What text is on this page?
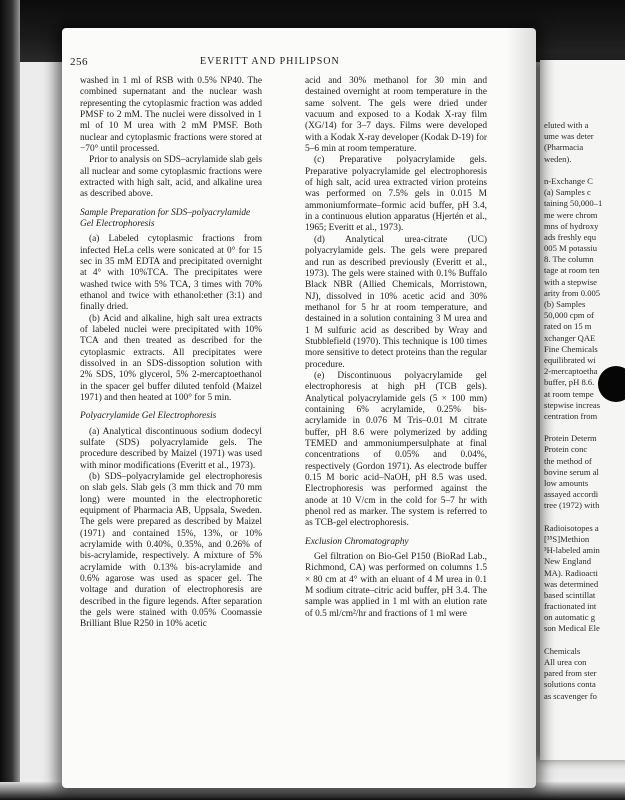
eluted with a
ume was deter
(Pharmacia
weden).
n-Exchange C
(a) Samples c
taining 50,000–1
me were chrom
mns of hydroxy
ads freshly equ
005 M potassiu
8. The column
tage at room ten
with a stepwise
arity from 0.005
(b) Samples
50,000 cpm of
rated on 15 m
xchanger QAE
Fine Chemicals
equilibrated wi
2-mercaptoetha
buffer, pH 8.6.
at room tempe
stepwise increas
centration from
Protein Determ
Protein conc
the method of
bovine serum al
low amounts
assayed accordi
tree (1972) with
Radioisotopes a
[³⁵S]Methion
³H-labeled amin
New England
MA). Radioacti
was determined
based scintillat
fractionated int
on automatic g
son Medical Ele
Chemicals
All urea con
pared from ster
solutions conta
as scavenger fo
256	EVERITT AND PHILIPSON

washed in 1 ml of RSB with 0.5% NP40. The combined supernatant and the nuclear wash representing the cytoplasmic fraction was added PMSF to 2 mM. The nuclei were dissolved in 1 ml of 10 M urea with 2 mM PMSF. Both nuclear and cytoplasmic fractions were stored at −70° until processed.

Prior to analysis on SDS–acrylamide slab gels all nuclear and some cytoplasmic fractions were extracted with high salt, acid, and alkaline urea as described above.

Sample Preparation for SDS–polyacrylamide Gel Electrophoresis

(a) Labeled cytoplasmic fractions from infected HeLa cells were sonicated at 0° for 15 sec in 35 mM EDTA and precipitated overnight at 4° with 10%TCA. The precipitates were washed twice with 5% TCA, 3 times with 70% ethanol and twice with ethanol:ether (3:1) and finally dried.

(b) Acid and alkaline, high salt urea extracts of labeled nuclei were precipitated with 10% TCA and then treated as described for the cytoplasmic extracts. All precipitates were dissolved in an SDS-dissoption solution with 2% SDS, 10% glycerol, 5% 2-mercaptoethanol in the spacer gel buffer diluted tenfold (Maizel 1971) and then heated at 100° for 5 min.

Polyacrylamide Gel Electrophoresis

(a) Analytical discontinuous sodium dodecyl sulfate (SDS) polyacrylamide gels. The procedure described by Maizel (1971) was used with minor modifications (Everitt et al., 1973).

(b) SDS–polyacrylamide gel electrophoresis on slab gels. Slab gels (3 mm thick and 70 mm long) were mounted in the electrophoretic equipment of Pharmacia AB, Uppsala, Sweden. The gels were prepared as described by Maizel (1971) and contained 15%, 13%, or 10% acrylamide with 0.40%, 0.35%, and 0.26% of bis-acrylamide, respectively. A mixture of 5% acrylamide with 0.13% bis-acrylamide and 0.6% agarose was used as spacer gel. The voltage and duration of electrophoresis are described in the figure legends. After separation the gels were stained with 0.05% Coomassie Brilliant Blue R250 in 10% acetic

acid and 30% methanol for 30 min and destained overnight at room temperature in the same solvent. The gels were dried under vacuum and exposed to a Kodak X-ray film (XG/14) for 3–7 days. Films were developed with a Kodak X-ray developer (Kodak D-19) for 5–6 min at room temperature.

(c) Preparative polyacrylamide gels. Preparative polyacrylamide gel electrophoresis of high salt, acid urea extracted virion proteins was performed on 7.5% gels in 0.015 M ammoniumformate–formic acid buffer, pH 3.4, in a continuous elution apparatus (Hjertén et al., 1965; Everitt et al., 1973).

(d) Analytical urea-citrate (UC) polyacrylamide gels. The gels were prepared and run as described previously (Everitt et al., 1973). The gels were stained with 0.1% Buffalo Black NBR (Allied Chemicals, Morristown, NJ), dissolved in 10% acetic acid and 30% methanol for 5 hr at room temperature, and destained in a solution containing 3 M urea and 1 M sulfuric acid as described by Wray and Stubblefield (1970). This technique is 100 times more sensitive to detect proteins than the regular procedure.

(e) Discontinuous polyacrylamide gel electrophoresis at high pH (TCB gels). Analytical polyacrylamide gels (5 × 100 mm) containing 6% acrylamide, 0.25% bis-acrylamide in 0.076 M Tris–0.01 M citrate buffer, pH 8.6 were polymerized by adding TEMED and ammoniumpersulphate at final concentrations of 0.05% and 0.04%, respectively (Gordon 1971). As electrode buffer 0.15 M boric acid–NaOH, pH 8.5 was used. Electrophoresis was performed against the anode at 10 V/cm in the cold for 5–7 hr with phenol red as marker. The system is referred to as TCB-gel electrophoresis.

Exclusion Chromatography

Gel filtration on Bio-Gel P150 (BioRad Lab., Richmond, CA) was performed on columns 1.5 × 80 cm at 4° with an eluant of 4 M urea in 0.1 M sodium citrate–citric acid buffer, pH 3.4. The sample was applied in 1 ml with an elution rate of 0.5 ml/cm²/hr and fractions of 1 ml were
